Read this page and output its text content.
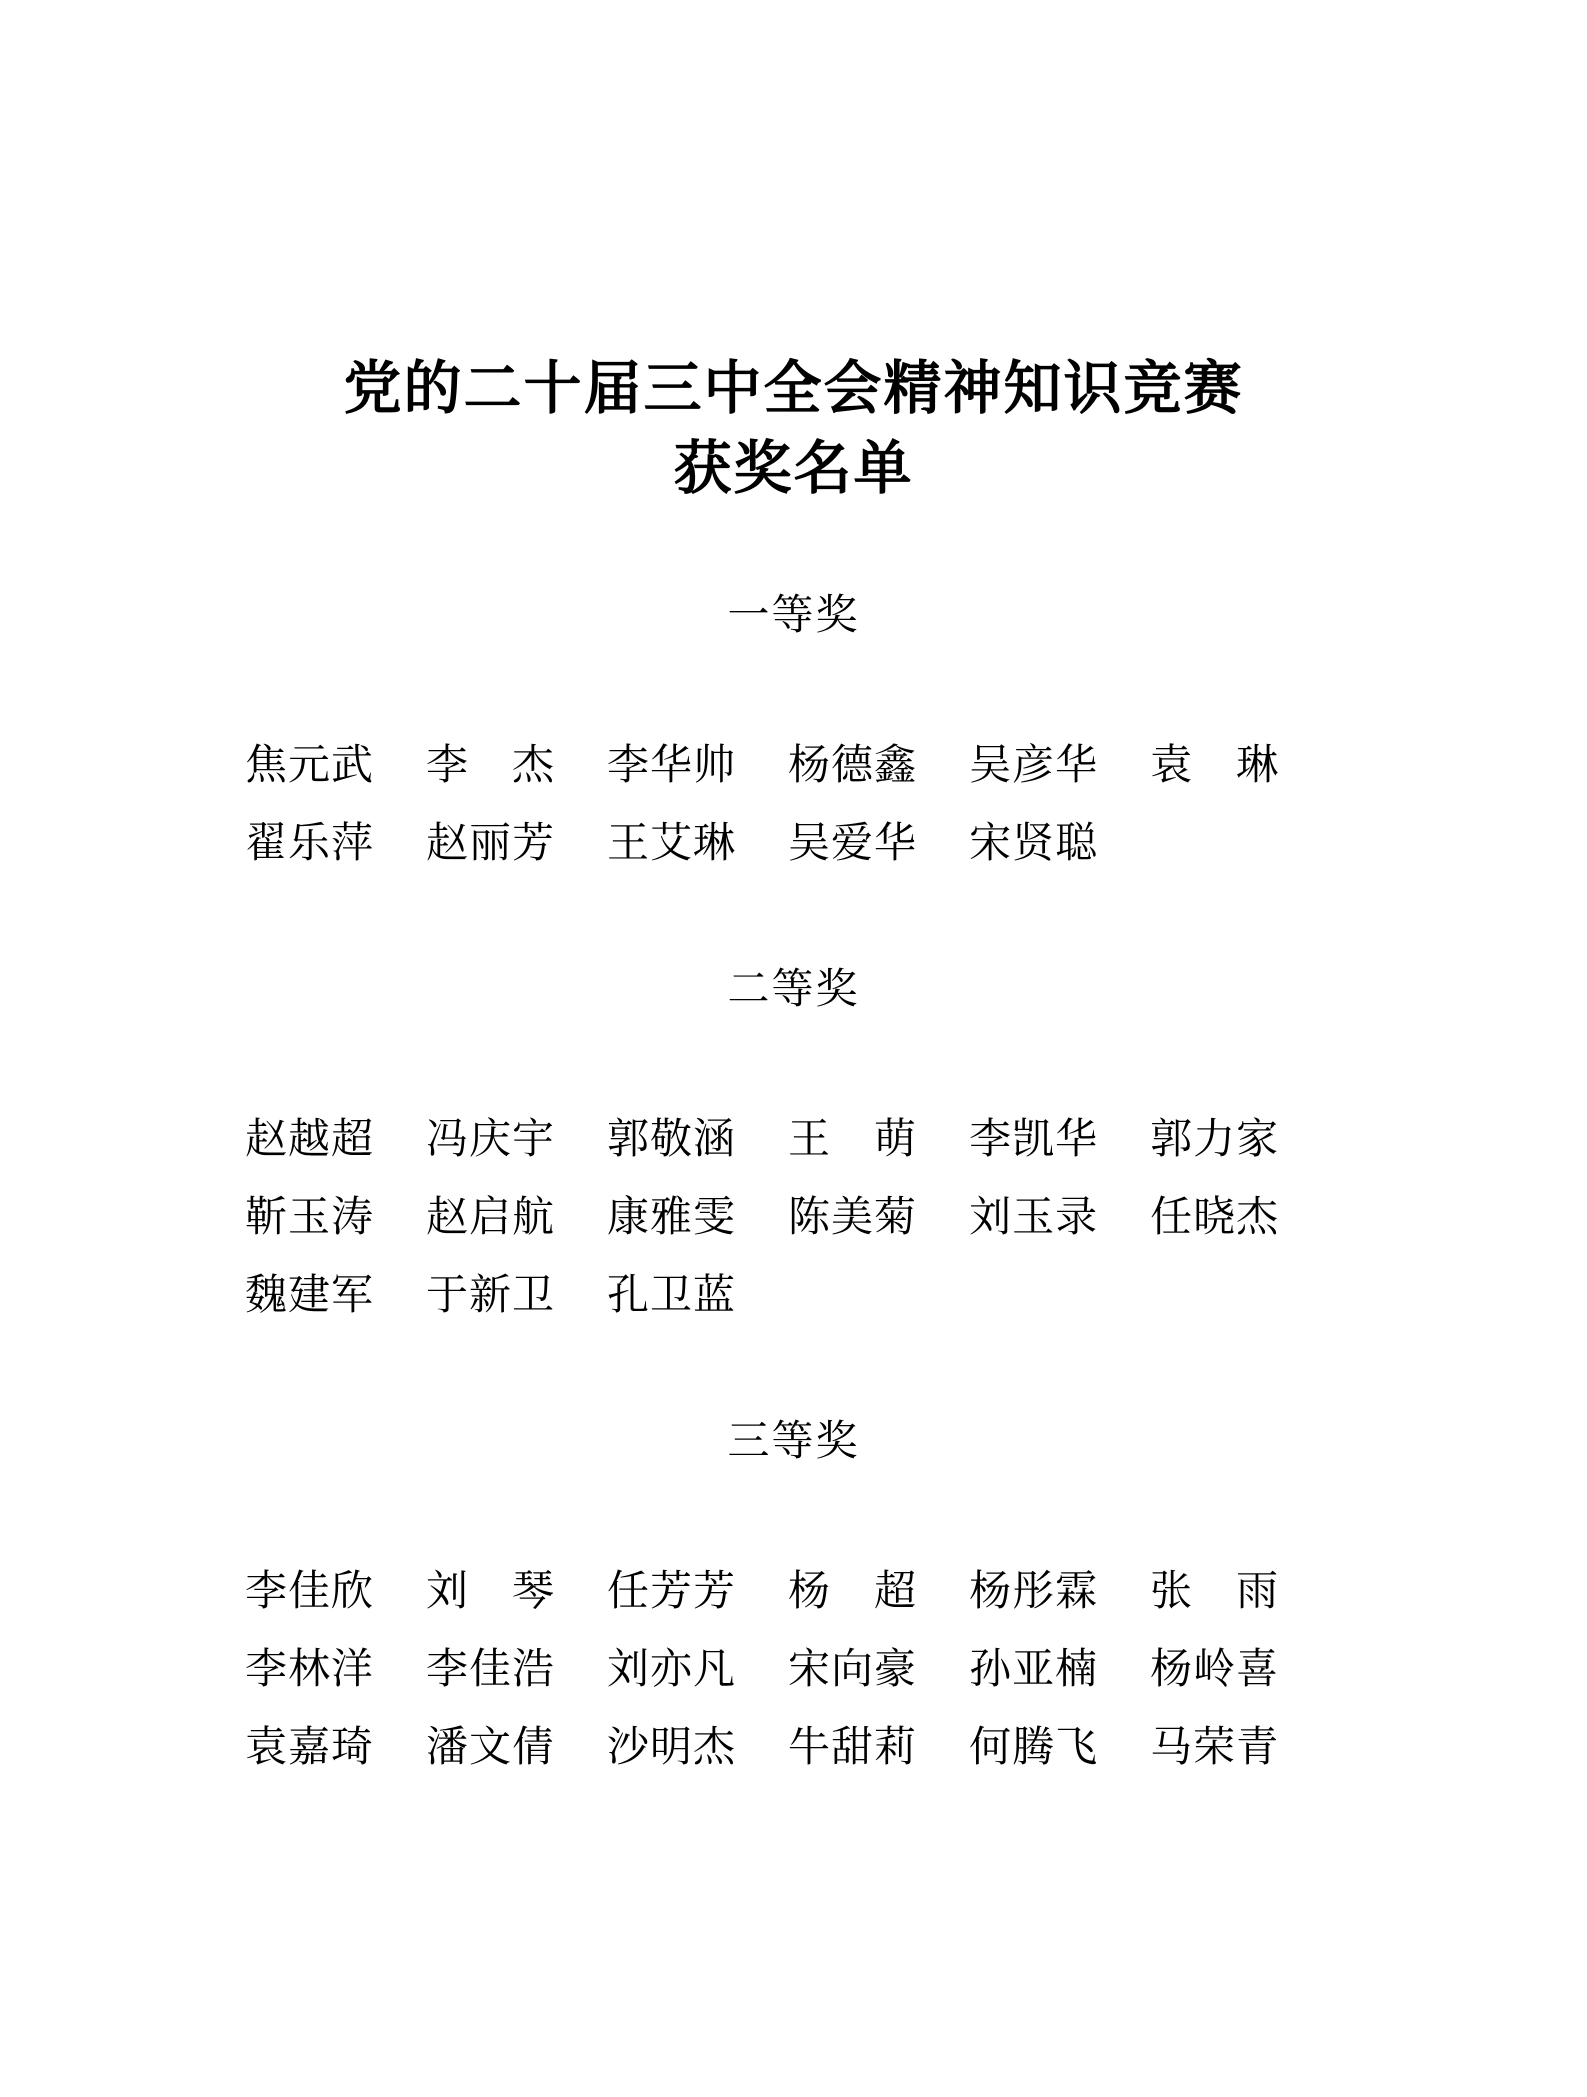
党的二十届三中全会精神知识竞赛
获奖名单
一等奖
焦元武 李　杰 李华帅 杨德鑫 吴彦华 袁　琳
翟乐萍 赵丽芳 王艾琳 吴爱华 宋贤聪
二等奖
赵越超 冯庆宇 郭敬涵 王　萌 李凯华 郭力家
靳玉涛 赵启航 康雅雯 陈美菊 刘玉录 任晓杰
魏建军 于新卫 孔卫蓝
三等奖
李佳欣 刘　琴 任芳芳 杨　超 杨彤霖 张　雨
李林洋 李佳浩 刘亦凡 宋向豪 孙亚楠 杨岭喜
袁嘉琦 潘文倩 沙明杰 牛甜莉 何腾飞 马荣青
